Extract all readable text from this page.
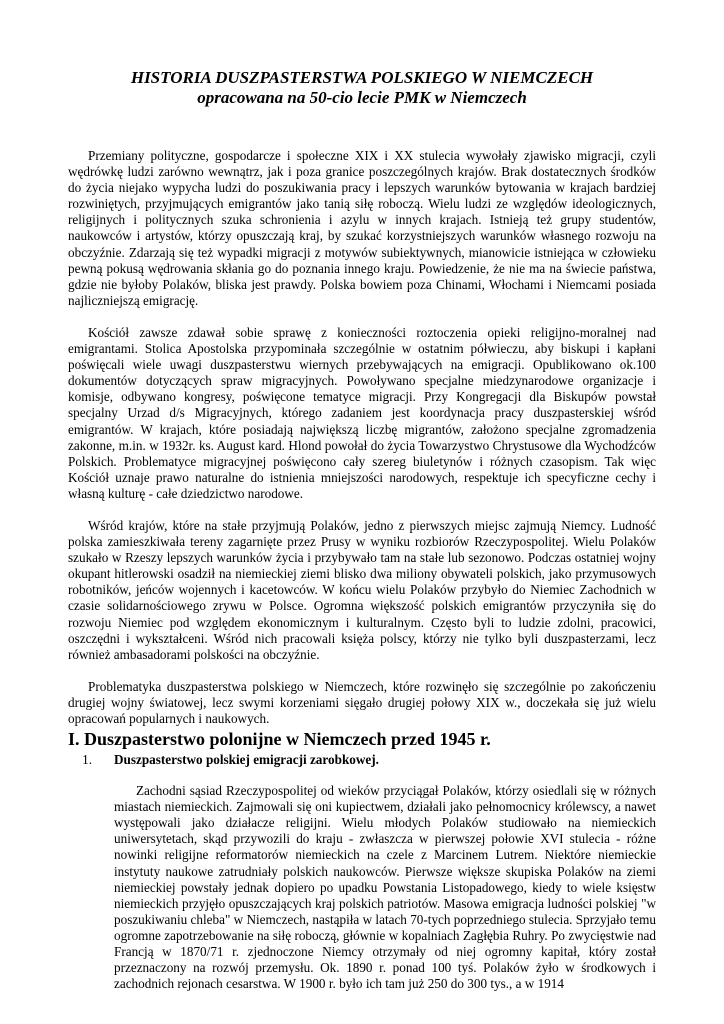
HISTORIA DUSZPASTERSTWA POLSKIEGO W NIEMCZECH
opracowana na 50-cio lecie PMK w Niemczech

Przemiany polityczne, gospodarcze i społeczne XIX i XX stulecia wywołały zjawisko migracji, czyli wędrówkę ludzi zarówno wewnątrz, jak i poza granice poszczególnych krajów. Brak dostatecznych środków do życia niejako wypycha ludzi do poszukiwania pracy i lepszych warunków bytowania w krajach bardziej rozwiniętych, przyjmujących emigrantów jako tanią siłę roboczą. Wielu ludzi ze względów ideologicznych, religijnych i politycznych szuka schronienia i azylu w innych krajach. Istnieją też grupy studentów, naukowców i artystów, którzy opuszczają kraj, by szukać korzystniejszych warunków własnego rozwoju na obczyźnie. Zdarzają się też wypadki migracji z motywów subiektywnych, mianowicie istniejąca w człowieku pewną pokusą wędrowania skłania go do poznania innego kraju. Powiedzenie, że nie ma na świecie państwa, gdzie nie byłoby Polaków, bliska jest prawdy. Polska bowiem poza Chinami, Włochami i Niemcami posiada najliczniejszą emigrację.

Kościół zawsze zdawał sobie sprawę z konieczności roztoczenia opieki religijno-moralnej nad emigrantami. Stolica Apostolska przypominała szczególnie w ostatnim półwieczu, aby biskupi i kapłani poświęcali wiele uwagi duszpasterstwu wiernych przebywających na emigracji. Opublikowano ok.100 dokumentów dotyczących spraw migracyjnych. Powoływano specjalne miedzynarodowe organizacje i komisje, odbywano kongresy, poświęcone tematyce migracji. Przy Kongregacji dla Biskupów powstał specjalny Urzad d/s Migracyjnych, którego zadaniem jest koordynacja pracy duszpasterskiej wśród emigrantów. W krajach, które posiadają największą liczbę migrantów, założono specjalne zgromadzenia zakonne, m.in. w 1932r. ks. August kard. Hlond powołał do życia Towarzystwo Chrystusowe dla Wychodźców Polskich. Problematyce migracyjnej poświęcono cały szereg biuletynów i różnych czasopism. Tak więc Kościół uznaje prawo naturalne do istnienia mniejszości narodowych, respektuje ich specyficzne cechy i własną kulturę - całe dziedzictwo narodowe.

Wśród krajów, które na stałe przyjmują Polaków, jedno z pierwszych miejsc zajmują Niemcy. Ludność polska zamieszkiwała tereny zagarnięte przez Prusy w wyniku rozbiorów Rzeczypospolitej. Wielu Polaków szukało w Rzeszy lepszych warunków życia i przybywało tam na stałe lub sezonowo. Podczas ostatniej wojny okupant hitlerowski osadził na niemieckiej ziemi blisko dwa miliony obywateli polskich, jako przymusowych robotników, jeńców wojennych i kacetowców. W końcu wielu Polaków przybyło do Niemiec Zachodnich w czasie solidarnościowego zrywu w Polsce. Ogromna większość polskich emigrantów przyczyniła się do rozwoju Niemiec pod względem ekonomicznym i kulturalnym. Często byli to ludzie zdolni, pracowici, oszczędni i wykształceni. Wśród nich pracowali księża polscy, którzy nie tylko byli duszpasterzami, lecz również ambasadorami polskości na obczyźnie.

Problematyka duszpasterstwa polskiego w Niemczech, które rozwinęło się szczególnie po zakończeniu drugiej wojny światowej, lecz swymi korzeniami sięgało drugiej połowy XIX w., doczekała się już wielu opracowań popularnych i naukowych.

I. Duszpasterstwo polonijne w Niemczech przed 1945 r.
1.	Duszpasterstwo polskiej emigracji zarobkowej.

Zachodni sąsiad Rzeczypospolitej od wieków przyciągał Polaków, którzy osiedlali się w różnych miastach niemieckich. Zajmowali się oni kupiectwem, działali jako pełnomocnicy królewscy, a nawet występowali jako działacze religijni. Wielu młodych Polaków studiowało na niemieckich uniwersytetach, skąd przywozili do kraju - zwłaszcza w pierwszej połowie XVI stulecia - różne nowinki religijne reformatorów niemieckich na czele z Marcinem Lutrem. Niektóre niemieckie instytuty naukowe zatrudniały polskich naukowców. Pierwsze większe skupiska Polaków na ziemi niemieckiej powstały jednak dopiero po upadku Powstania Listopadowego, kiedy to wiele księstw niemieckich przyjęło opuszczających kraj polskich patriotów. Masowa emigracja ludności polskiej "w poszukiwaniu chleba" w Niemczech, nastąpiła w latach 70-tych poprzedniego stulecia. Sprzyjało temu ogromne zapotrzebowanie na siłę roboczą, głównie w kopalniach Zagłębia Ruhry. Po zwycięstwie nad Francją w 1870/71 r. zjednoczone Niemcy otrzymały od niej ogromny kapitał, który został przeznaczony na rozwój przemysłu. Ok. 1890 r. ponad 100 tyś. Polaków żyło w środkowych i zachodnich rejonach cesarstwa. W 1900 r. było ich tam już 250 do 300 tys., a w 1914
